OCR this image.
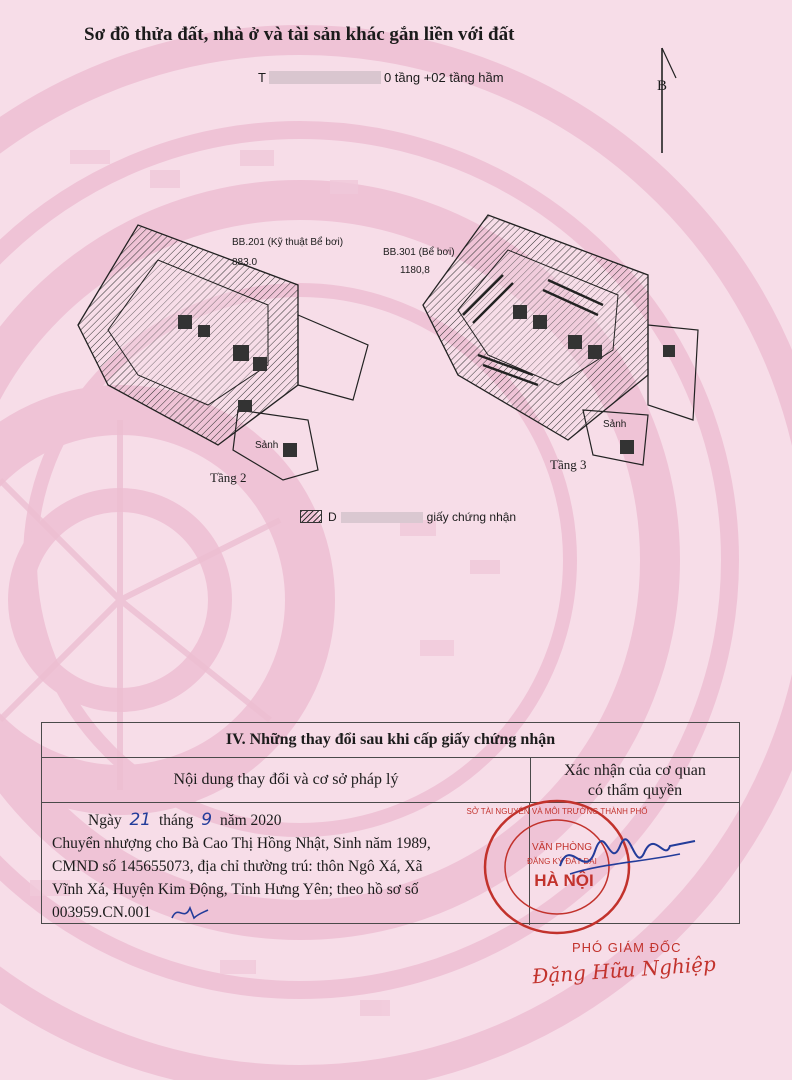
Sơ đồ thửa đất, nhà ở và tài sản khác gắn liền với đất
T	0 tầng +02 tầng hầm
B
BB.201 (Kỹ thuật Bể bơi)
883.0
Sảnh
Tầng 2
BB.301 (Bể bơi)
1180,8
Sảnh
Tầng 3
D	giấy chứng nhận
IV. Những thay đổi sau khi cấp giấy chứng nhận
Nội dung thay đổi và cơ sở pháp lý
Xác nhận của cơ quan
có thẩm quyền
Ngày 21 tháng 9 năm 2020
Chuyển nhượng cho Bà Cao Thị Hồng Nhật, Sinh năm 1989,
CMND số 145655073, địa chỉ thường trú: thôn Ngô Xá, Xã
Vĩnh Xá, Huyện Kim Động, Tỉnh Hưng Yên; theo hồ sơ số
003959.CN.001
SỞ TÀI NGUYÊN VÀ MÔI TRƯỜNG THÀNH PHỐ
VĂN PHÒNG
ĐĂNG KÝ ĐẤT ĐAI
HÀ NỘI
PHÓ GIÁM ĐỐC
Đặng Hữu Nghiệp
